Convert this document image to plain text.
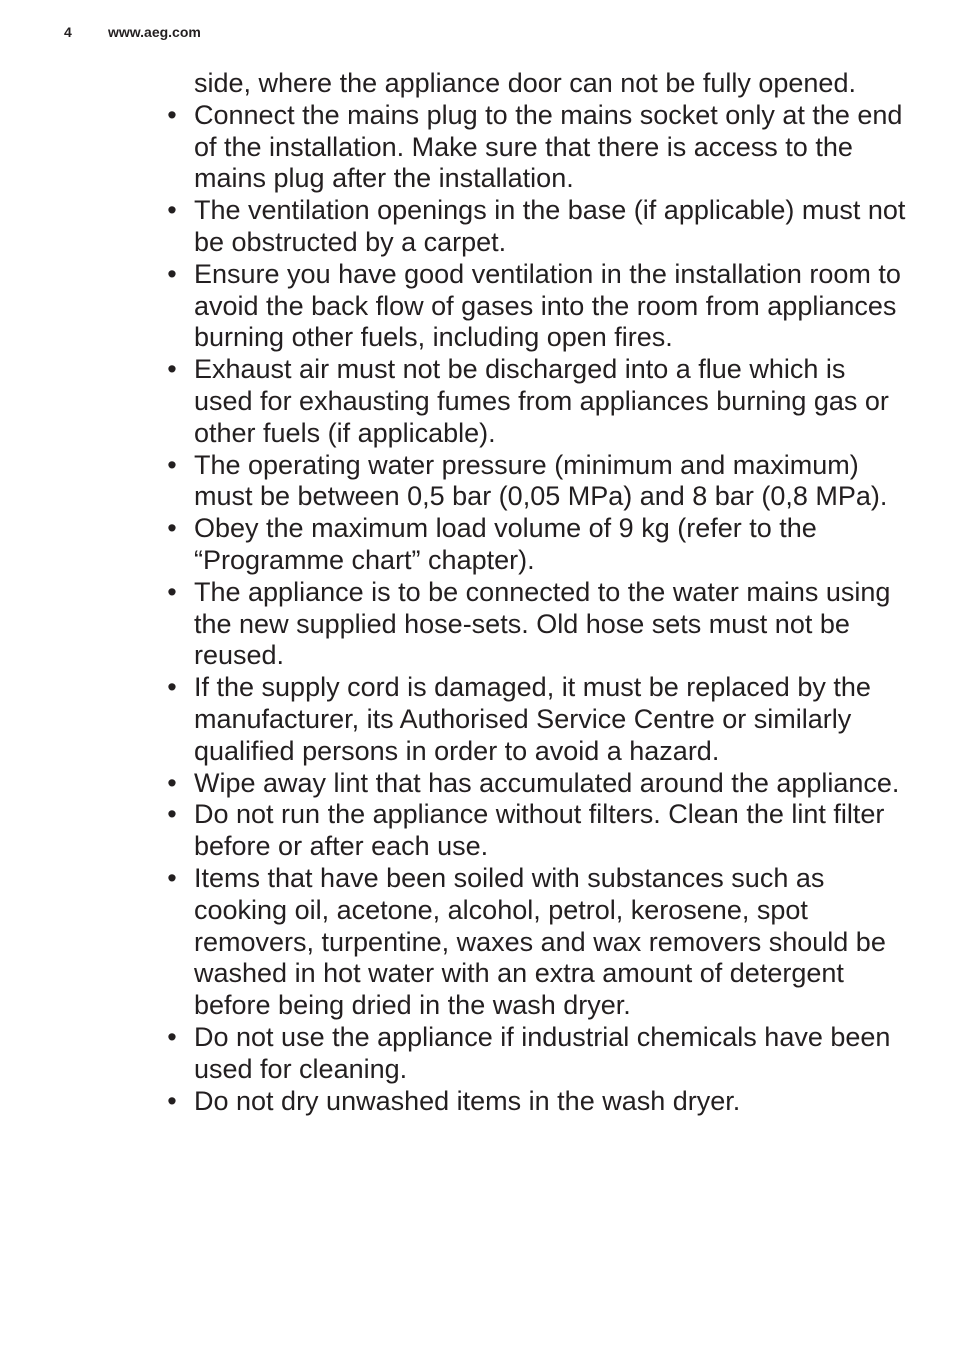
4	www.aeg.com

side, where the appliance door can not be fully opened.

• Connect the mains plug to the mains socket only at the end of the installation. Make sure that there is access to the mains plug after the installation.
• The ventilation openings in the base (if applicable) must not be obstructed by a carpet.
• Ensure you have good ventilation in the installation room to avoid the back flow of gases into the room from appliances burning other fuels, including open fires.
• Exhaust air must not be discharged into a flue which is used for exhausting fumes from appliances burning gas or other fuels (if applicable).
• The operating water pressure (minimum and maximum) must be between 0,5 bar (0,05 MPa) and 8 bar (0,8 MPa).
• Obey the maximum load volume of 9 kg (refer to the “Programme chart” chapter).
• The appliance is to be connected to the water mains using the new supplied hose-sets. Old hose sets must not be reused.
• If the supply cord is damaged, it must be replaced by the manufacturer, its Authorised Service Centre or similarly qualified persons in order to avoid a hazard.
• Wipe away lint that has accumulated around the appliance.
• Do not run the appliance without filters. Clean the lint filter before or after each use.
• Items that have been soiled with substances such as cooking oil, acetone, alcohol, petrol, kerosene, spot removers, turpentine, waxes and wax removers should be washed in hot water with an extra amount of detergent before being dried in the wash dryer.
• Do not use the appliance if industrial chemicals have been used for cleaning.
• Do not dry unwashed items in the wash dryer.
